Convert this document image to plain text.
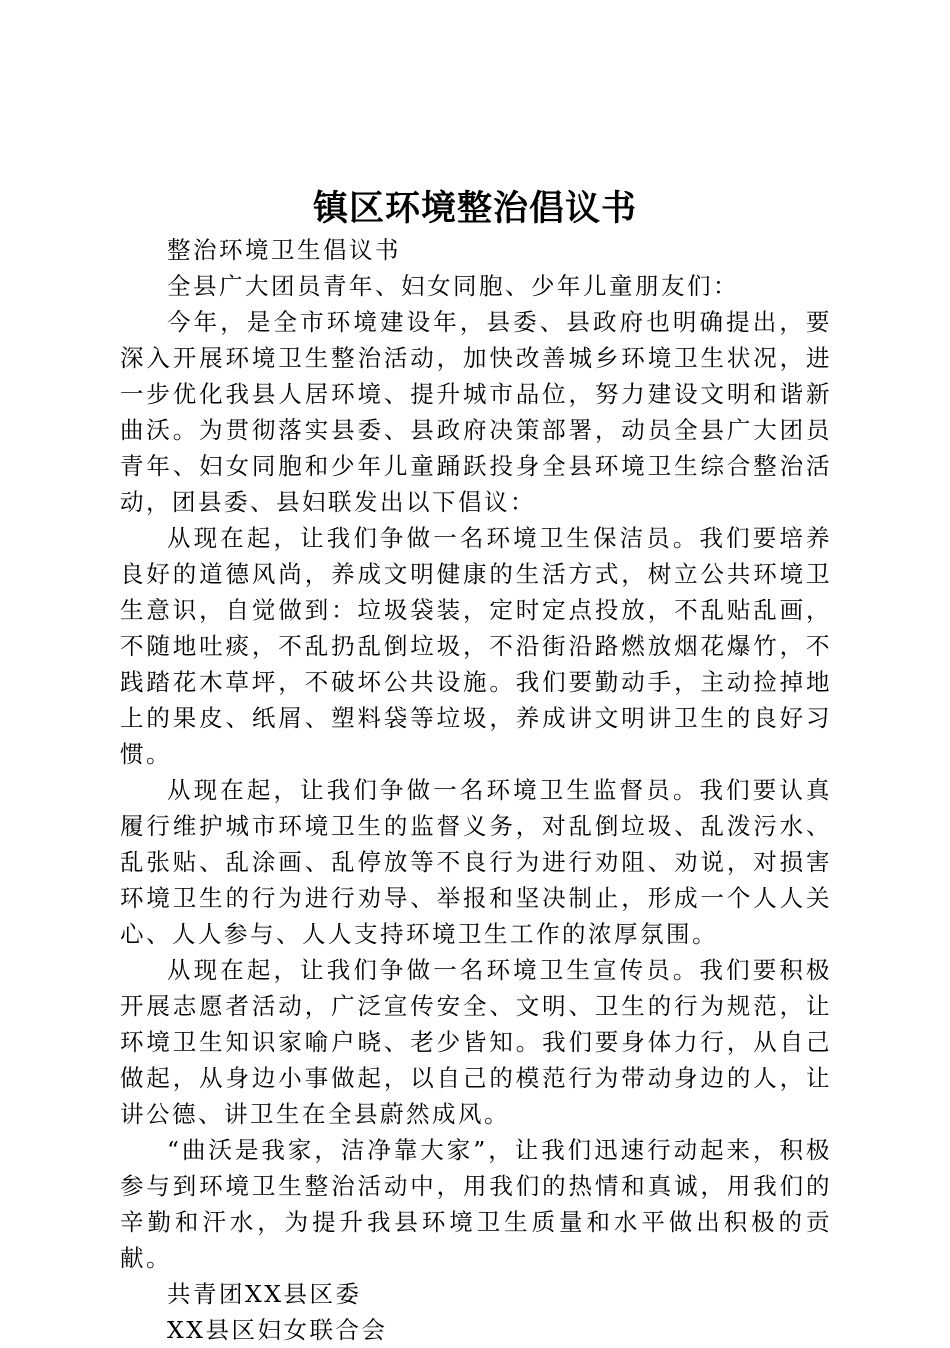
镇区环境整治倡议书

整治环境卫生倡议书

全县广大团员青年、妇女同胞、少年儿童朋友们：

今年，是全市环境建设年，县委、县政府也明确提出，要深入开展环境卫生整治活动，加快改善城乡环境卫生状况，进一步优化我县人居环境、提升城市品位，努力建设文明和谐新曲沃。为贯彻落实县委、县政府决策部署，动员全县广大团员青年、妇女同胞和少年儿童踊跃投身全县环境卫生综合整治活动，团县委、县妇联发出以下倡议：

从现在起，让我们争做一名环境卫生保洁员。我们要培养良好的道德风尚，养成文明健康的生活方式，树立公共环境卫生意识，自觉做到：垃圾袋装，定时定点投放，不乱贴乱画，不随地吐痰，不乱扔乱倒垃圾，不沿街沿路燃放烟花爆竹，不践踏花木草坪，不破坏公共设施。我们要勤动手，主动捡掉地上的果皮、纸屑、塑料袋等垃圾，养成讲文明讲卫生的良好习惯。

从现在起，让我们争做一名环境卫生监督员。我们要认真履行维护城市环境卫生的监督义务，对乱倒垃圾、乱泼污水、乱张贴、乱涂画、乱停放等不良行为进行劝阻、劝说，对损害环境卫生的行为进行劝导、举报和坚决制止，形成一个人人关心、人人参与、人人支持环境卫生工作的浓厚氛围。

从现在起，让我们争做一名环境卫生宣传员。我们要积极开展志愿者活动，广泛宣传安全、文明、卫生的行为规范，让环境卫生知识家喻户晓、老少皆知。我们要身体力行，从自己做起，从身边小事做起，以自己的模范行为带动身边的人，让讲公德、讲卫生在全县蔚然成风。

“曲沃是我家，洁净靠大家”，让我们迅速行动起来，积极参与到环境卫生整治活动中，用我们的热情和真诚，用我们的辛勤和汗水，为提升我县环境卫生质量和水平做出积极的贡献。

共青团XX县区委

XX县区妇女联合会
